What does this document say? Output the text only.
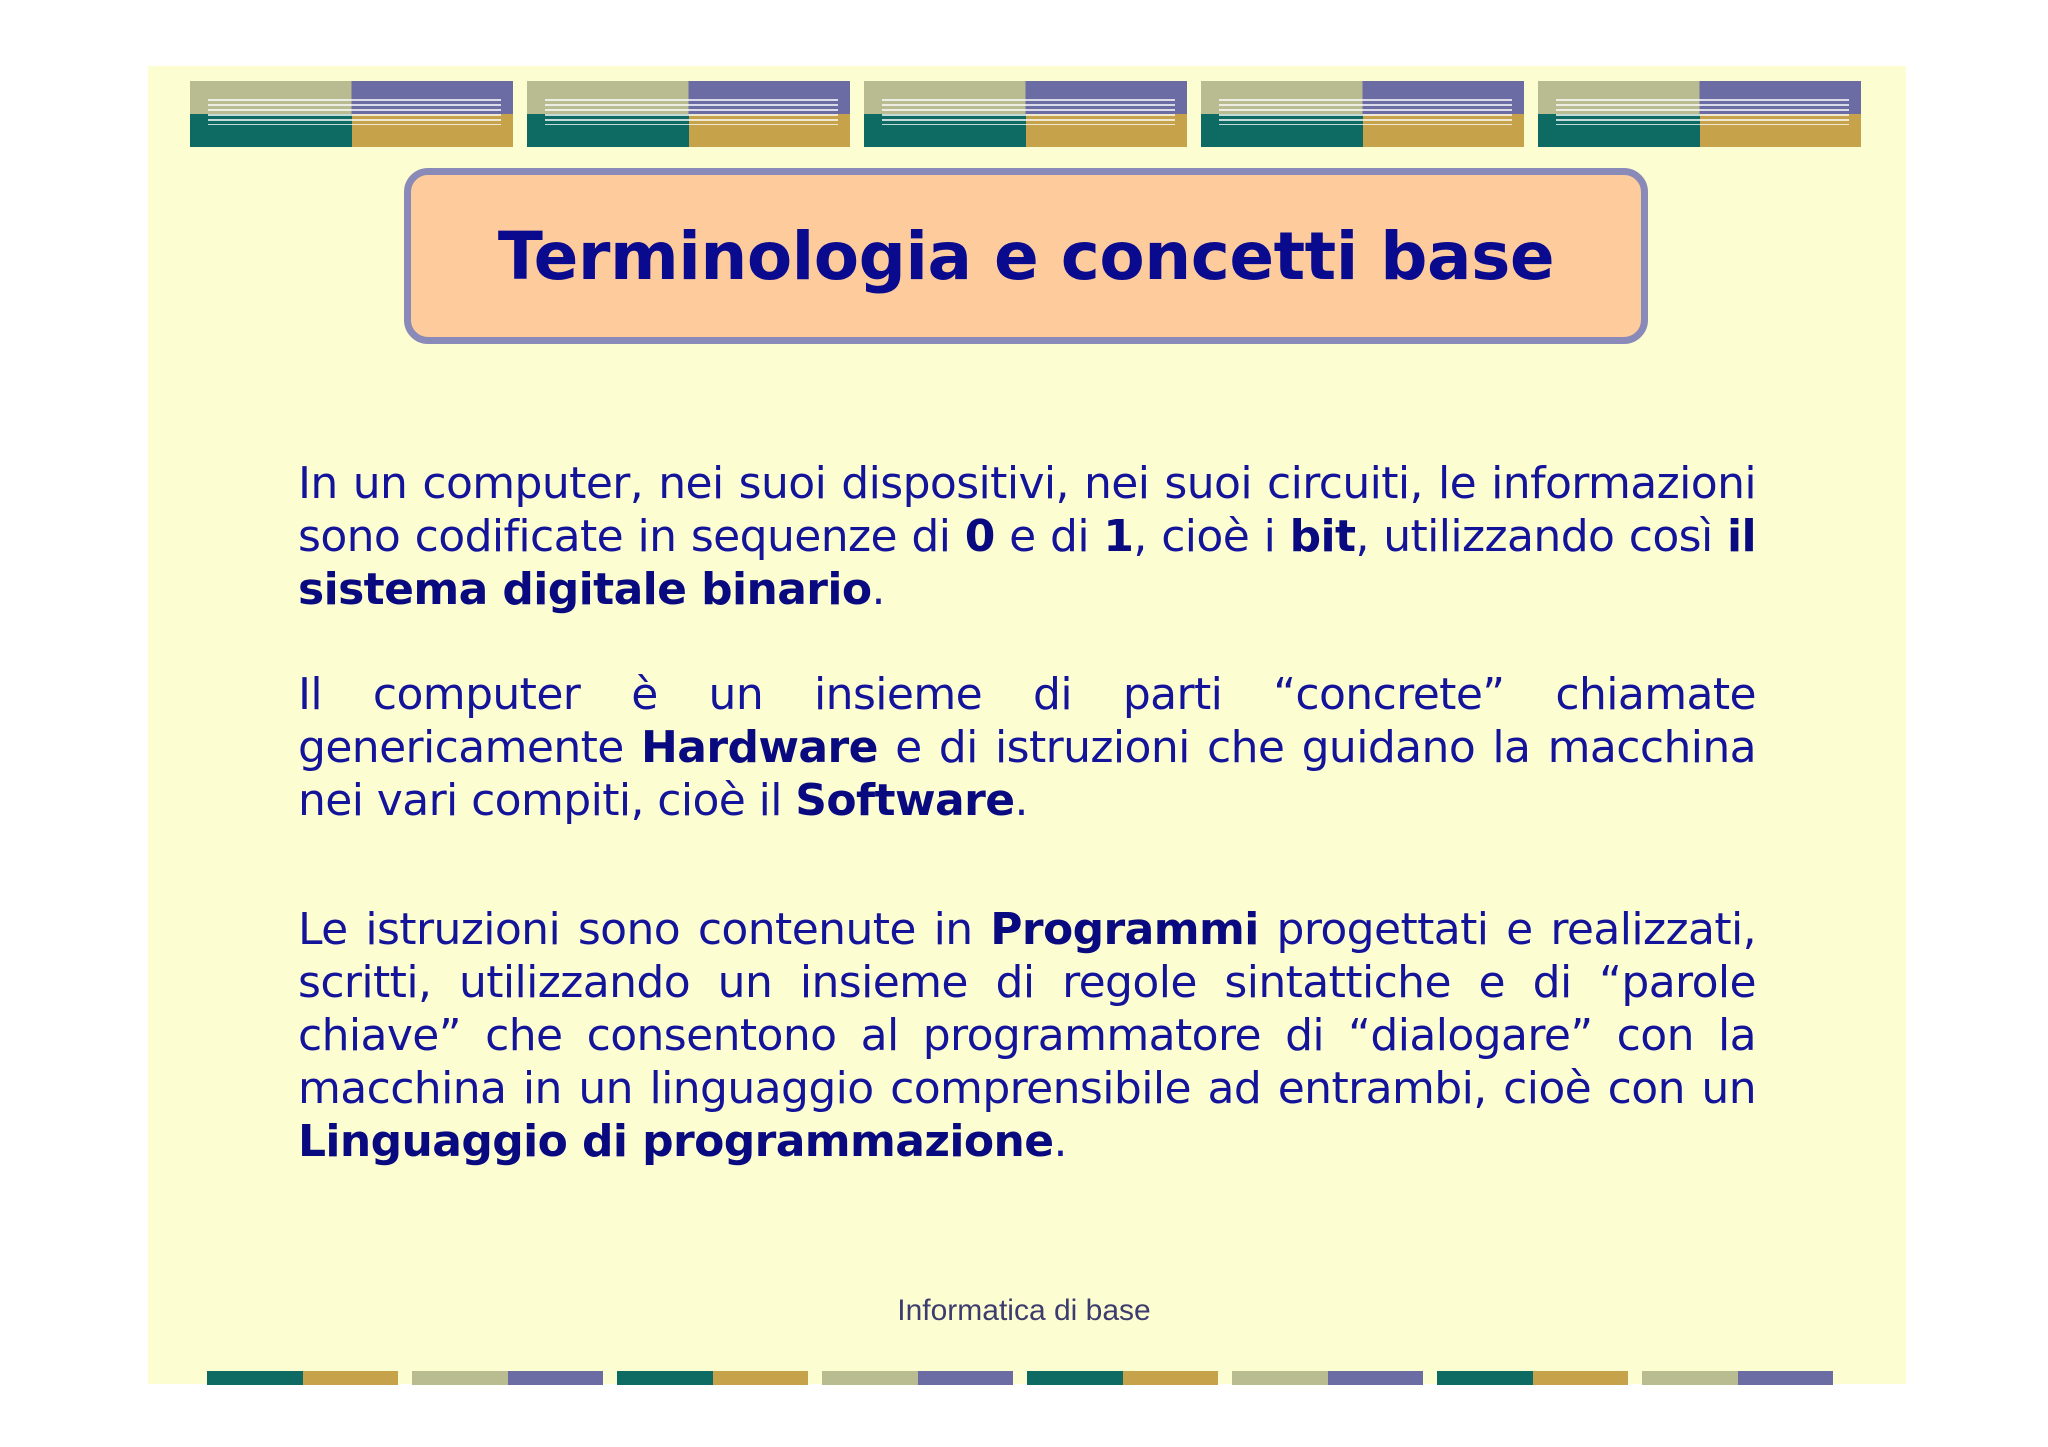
Terminologia e concetti base
In un computer, nei suoi dispositivi, nei suoi circuiti, le informazioni sono codificate in sequenze di 0 e di 1, cioè i bit, utilizzando così il sistema digitale binario.
Il computer è un insieme di parti “concrete” chiamate genericamente Hardware e di istruzioni che guidano la macchina nei vari compiti, cioè il Software.
Le istruzioni sono contenute in Programmi progettati e realizzati, scritti, utilizzando un insieme di regole sintattiche e di “parole chiave” che consentono al programmatore di “dialogare” con la macchina in un linguaggio comprensibile ad entrambi, cioè con un Linguaggio di programmazione.
Informatica di base
